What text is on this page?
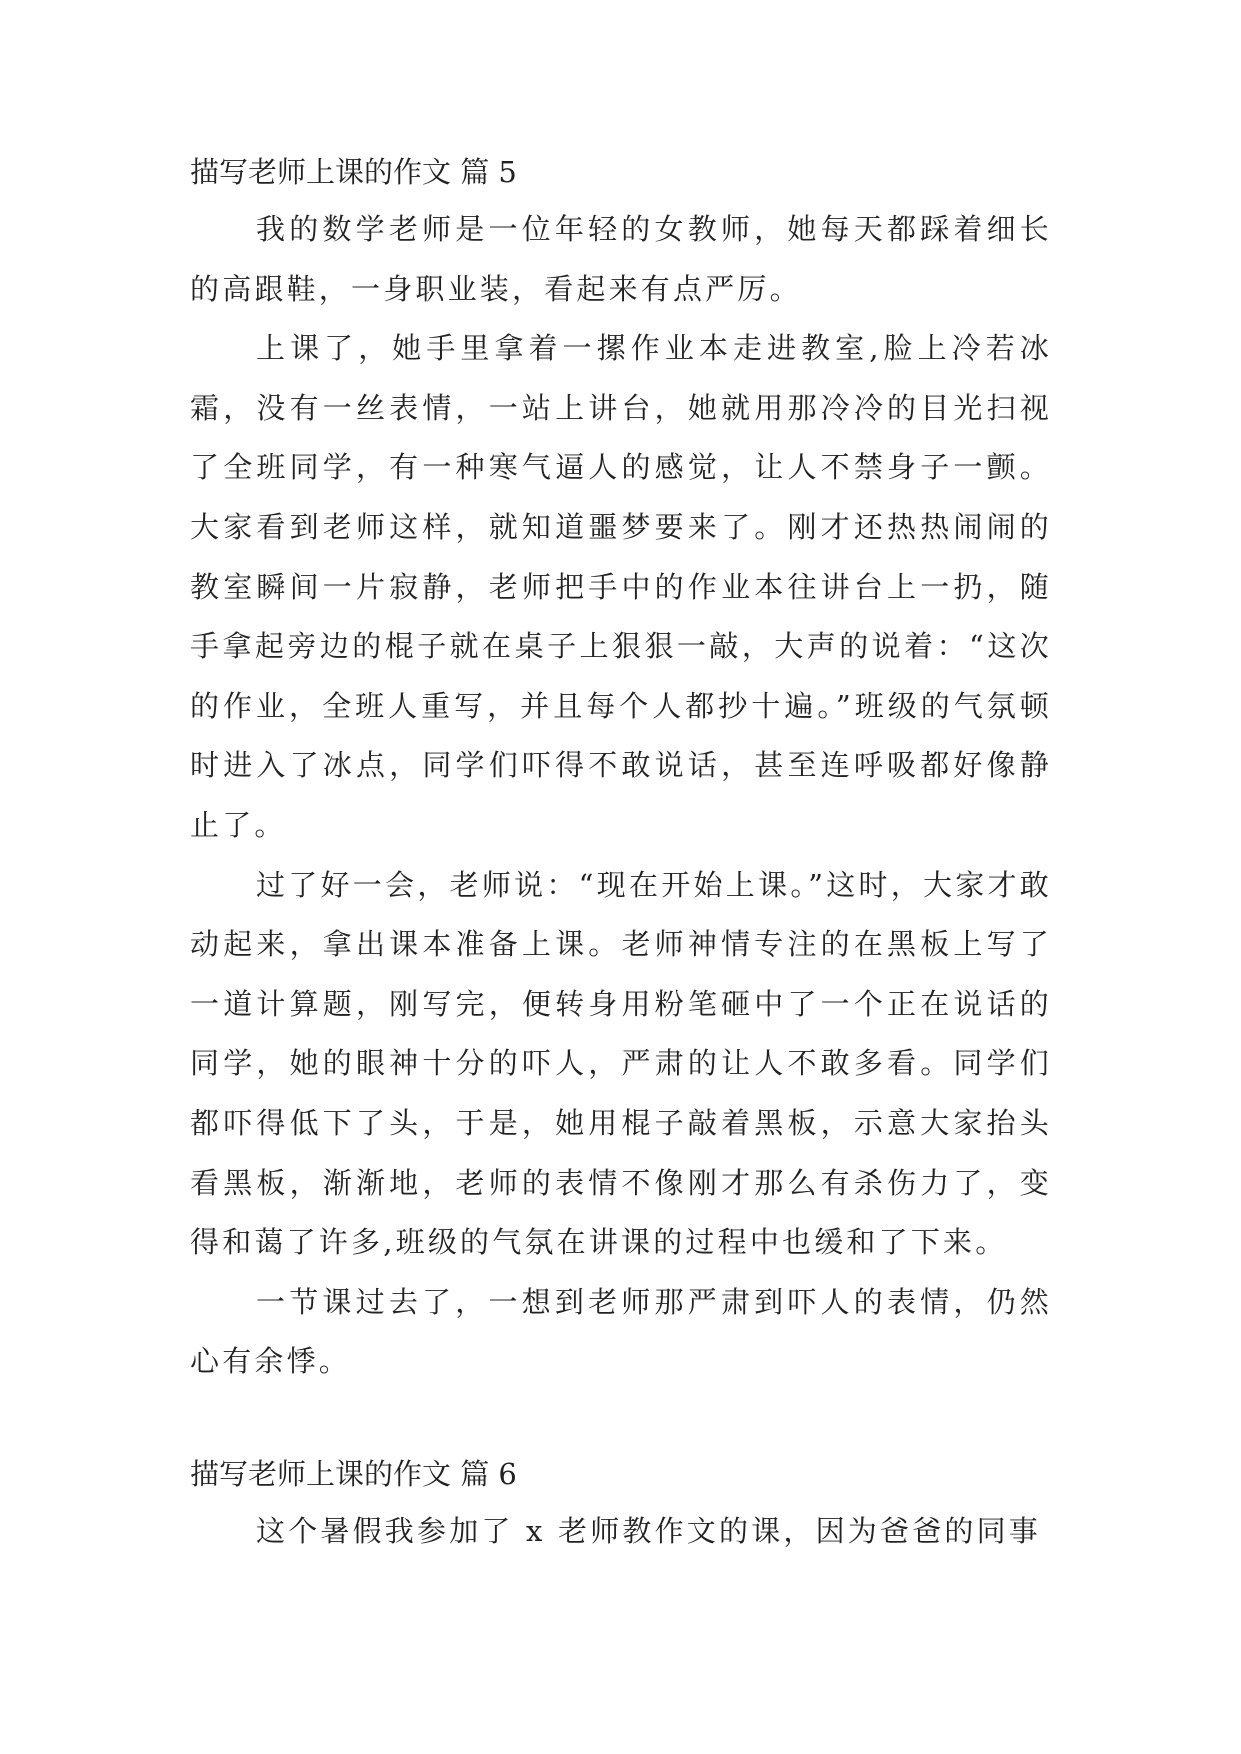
描写老师上课的作文 篇 5

我的数学老师是一位年轻的女教师，她每天都踩着细长的高跟鞋，一身职业装，看起来有点严厉。

上课了，她手里拿着一摞作业本走进教室,脸上冷若冰霜，没有一丝表情，一站上讲台，她就用那冷冷的目光扫视了全班同学，有一种寒气逼人的感觉，让人不禁身子一颤。大家看到老师这样，就知道噩梦要来了。刚才还热热闹闹的教室瞬间一片寂静，老师把手中的作业本往讲台上一扔，随手拿起旁边的棍子就在桌子上狠狠一敲，大声的说着：“这次的作业，全班人重写，并且每个人都抄十遍。”班级的气氛顿时进入了冰点，同学们吓得不敢说话，甚至连呼吸都好像静止了。

过了好一会，老师说：“现在开始上课。”这时，大家才敢动起来，拿出课本准备上课。老师神情专注的在黑板上写了一道计算题，刚写完，便转身用粉笔砸中了一个正在说话的同学，她的眼神十分的吓人，严肃的让人不敢多看。同学们都吓得低下了头，于是，她用棍子敲着黑板，示意大家抬头看黑板，渐渐地，老师的表情不像刚才那么有杀伤力了，变得和蔼了许多,班级的气氛在讲课的过程中也缓和了下来。

一节课过去了，一想到老师那严肃到吓人的表情，仍然心有余悸。

描写老师上课的作文 篇 6

这个暑假我参加了 x 老师教作文的课，因为爸爸的同事
